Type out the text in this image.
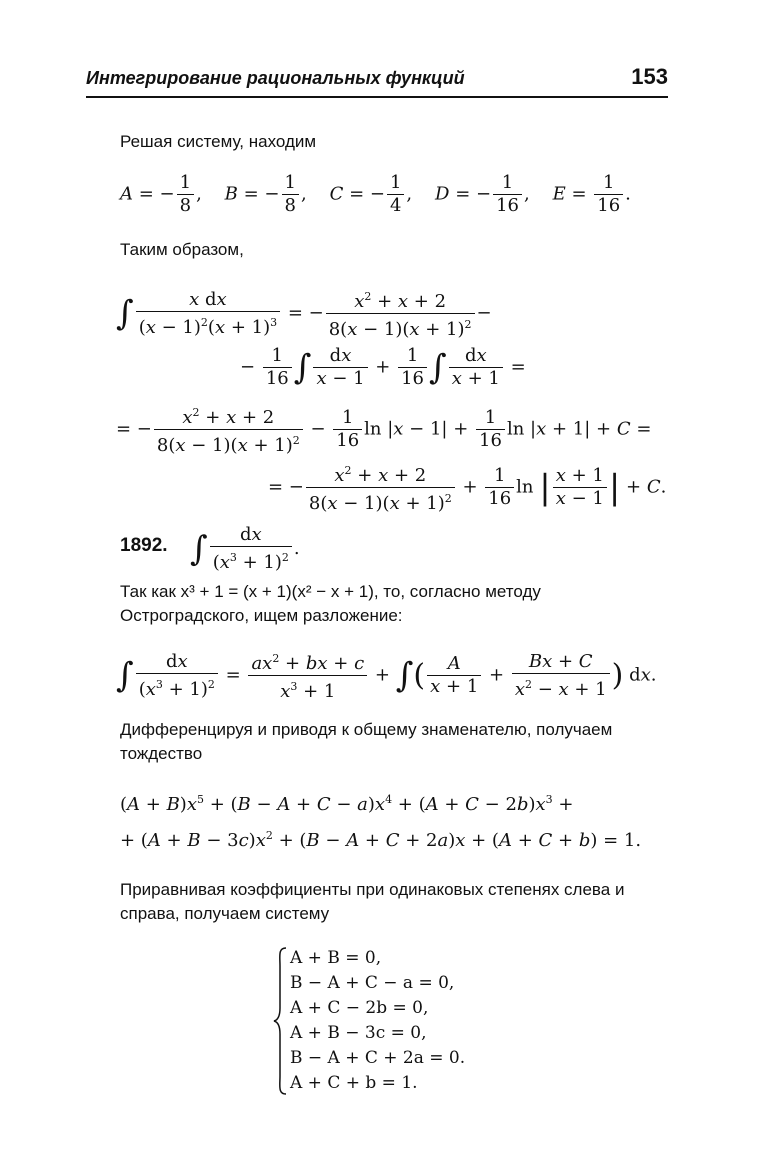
Интегрирование рациональных функций	153
Решая систему, находим
A = − $\frac{1}{8}$ ,    B = − $\frac{1}{8}$ ,    C = − $\frac{1}{4}$ ,    D = − $\frac{1}{16}$ ,    $E = \frac{1}{16}$ .
Таким образом,
∫ $\frac{\text{x dx}}{(x - 1)^2(x + 1)^3}$ = − $\frac{x^2 + x + 2}{8(x - 1)(x + 1)^2}$ −
− $\frac{1}{16}$ ∫ $\frac{dx}{x - 1} + \frac{1}{16}$ ∫ $\frac{dx}{x + 1}$ =
= − $\frac{x^2 + x + 2}{8(x - 1)(x + 1)^2} - \frac{1}{16}$ $\ln |x - 1| + \frac{1}{16}$ ln |x + 1| + C =
= − $\frac{x^2 + x + 2}{8(x - 1)(x + 1)^2} + \frac{1}{16}$ ln | $\frac{x + 1}{x - 1}$ | + C.
1892. ∫ $\frac{dx}{(x^3 + 1)^2}$ .
Так как x³ + 1 = (x + 1)(x² − x + 1), то, согласно методу Остроградского, ищем разложение:
∫ $\frac{dx}{(x^3 + 1)^2} = \frac{ax^2 + bx + c}{x^3 + 1}$ + ∫( $\frac{A}{x + 1} + \frac{Bx + C}{x^2 - x + 1}$ ) dx.
Дифференцируя и приводя к общему знаменателю, получаем тождество
$(A + B)x^5 + (B - A + C - a)x^4 + (A + C - 2b)x^3$ +
+ $(A + B - 3c)x^2 + (B - A + C + 2a)x + (A + C + b) = 1$.
Приравнивая коэффициенты при одинаковых степенях слева и справа, получаем систему
A + B = 0,
B − A + C − a = 0,
A + C − 2b = 0,
A + B − 3c = 0,
B − A + C + 2a = 0.
A + C + b = 1.
